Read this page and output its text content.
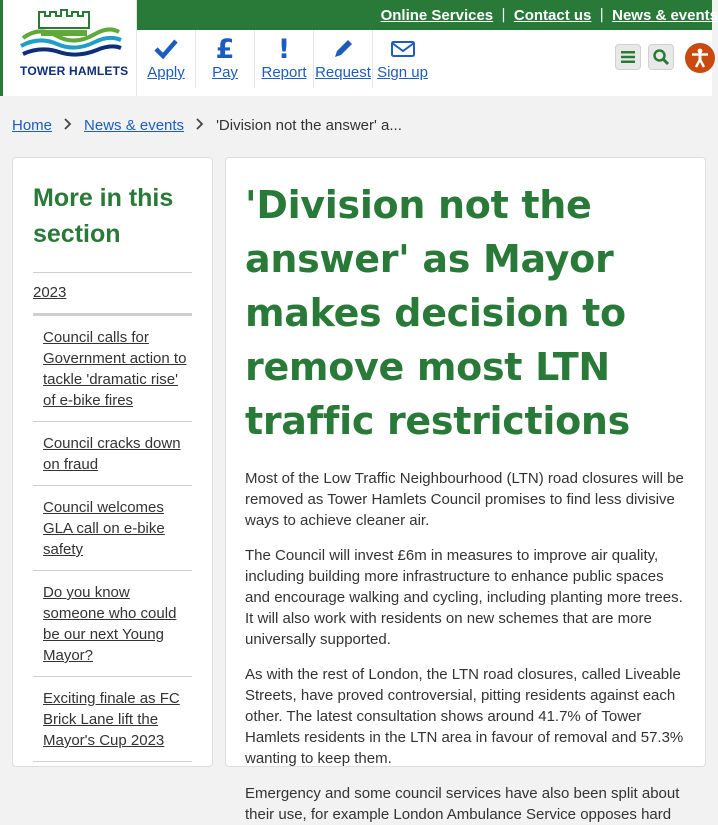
TOWER HAMLETS
Online Services | Contact us | News & events
Apply
£
Pay
!
Report Request Sign up
Home News & events 'Division not the answer' a...
More in this section
2023
Council calls for Government action to tackle 'dramatic rise' of e-bike fires
Council cracks down on fraud
Council welcomes GLA call on e-bike safety
Do you know someone who could be our next Young Mayor?
Exciting finale as FC Brick Lane lift the Mayor's Cup 2023
'Division not the answer' as Mayor makes decision to remove most LTN traffic restrictions

Most of the Low Traffic Neighbourhood (LTN) road closures will be removed as Tower Hamlets Council promises to find less divisive ways to achieve cleaner air.

The Council will invest £6m in measures to improve air quality, including building more infrastructure to enhance public spaces and encourage walking and cycling, including planting more trees. It will also work with residents on new schemes that are more universally supported.

As with the rest of London, the LTN road closures, called Liveable Streets, have proved controversial, pitting residents against each other. The latest consultation shows around 41.7% of Tower Hamlets residents in the LTN area in favour of removal and 57.3% wanting to keep them.

Emergency and some council services have also been split about their use, for example London Ambulance Service opposes hard
